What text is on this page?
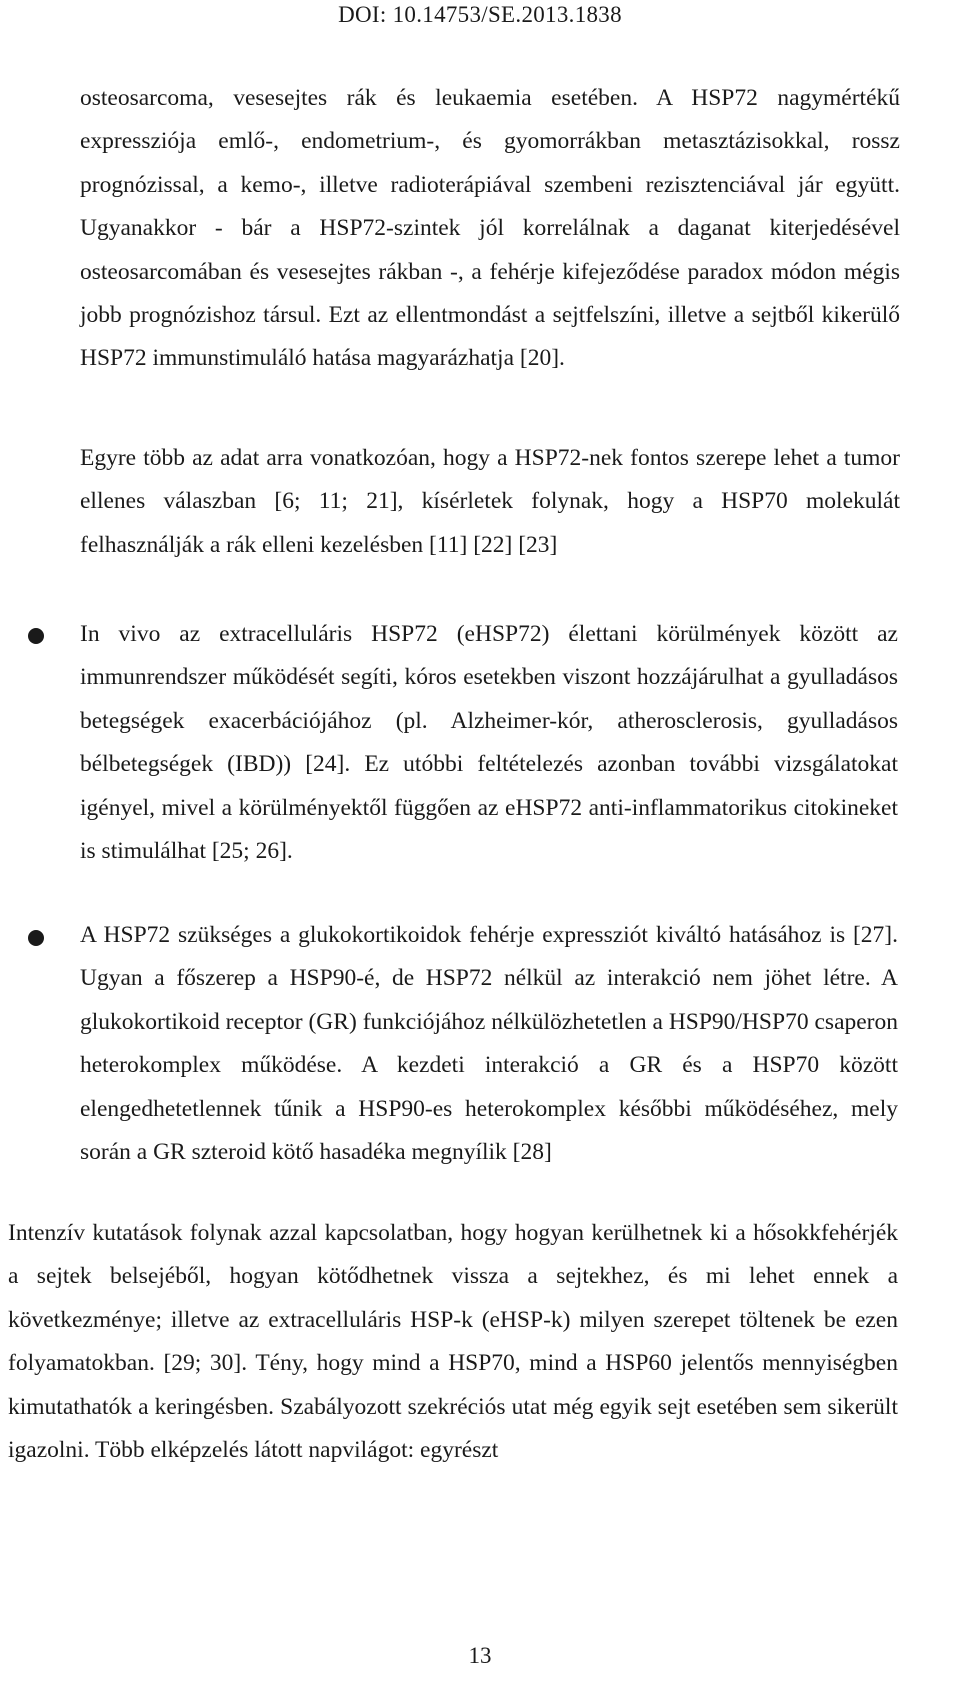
DOI: 10.14753/SE.2013.1838
osteosarcoma, vesesejtes rák és leukaemia esetében. A HSP72 nagymértékű expressziója emlő-, endometrium-, és gyomorrákban metasztázisokkal, rossz prognózissal, a kemo-, illetve radioterápiával szembeni rezisztenciával jár együtt. Ugyanakkor - bár a HSP72-szintek jól korrelálnak a daganat kiterjedésével osteosarcomában és vesesejtes rákban -, a fehérje kifejeződése paradox módon mégis jobb prognózishoz társul. Ezt az ellentmondást a sejtfelszíni, illetve a sejtből kikerülő HSP72 immunstimuláló hatása magyarázhatja [20].
Egyre több az adat arra vonatkozóan, hogy a HSP72-nek fontos szerepe lehet a tumor ellenes válaszban [6; 11; 21], kísérletek folynak, hogy a HSP70 molekulát felhasználják a rák elleni kezelésben [11] [22] [23]
In vivo az extracelluláris HSP72 (eHSP72) élettani körülmények között az immunrendszer működését segíti, kóros esetekben viszont hozzájárulhat a gyulladásos betegségek exacerbációjához (pl. Alzheimer-kór, atherosclerosis, gyulladásos bélbetegségek (IBD)) [24]. Ez utóbbi feltételezés azonban további vizsgálatokat igényel, mivel a körülményektől függően az eHSP72 anti-inflammatorikus citokineket is stimulálhat [25; 26].
A HSP72 szükséges a glukokortikoidok fehérje expressziót kiváltó hatásához is [27]. Ugyan a főszerep a HSP90-é, de HSP72 nélkül az interakció nem jöhet létre. A glukokortikoid receptor (GR) funkciójához nélkülözhetetlen a HSP90/HSP70 csaperon heterokomplex működése. A kezdeti interakció a GR és a HSP70 között elengedhetetlennek tűnik a HSP90-es heterokomplex későbbi működéséhez, mely során a GR szteroid kötő hasadéka megnyílik [28]
Intenzív kutatások folynak azzal kapcsolatban, hogy hogyan kerülhetnek ki a hősokkfehérjék a sejtek belsejéből, hogyan kötődhetnek vissza a sejtekhez, és mi lehet ennek a következménye; illetve az extracelluláris HSP-k (eHSP-k) milyen szerepet töltenek be ezen folyamatokban. [29; 30]. Tény, hogy mind a HSP70, mind a HSP60 jelentős mennyiségben kimutathatók a keringésben. Szabályozott szekréciós utat még egyik sejt esetében sem sikerült igazolni. Több elképzelés látott napvilágot: egyrészt
13
